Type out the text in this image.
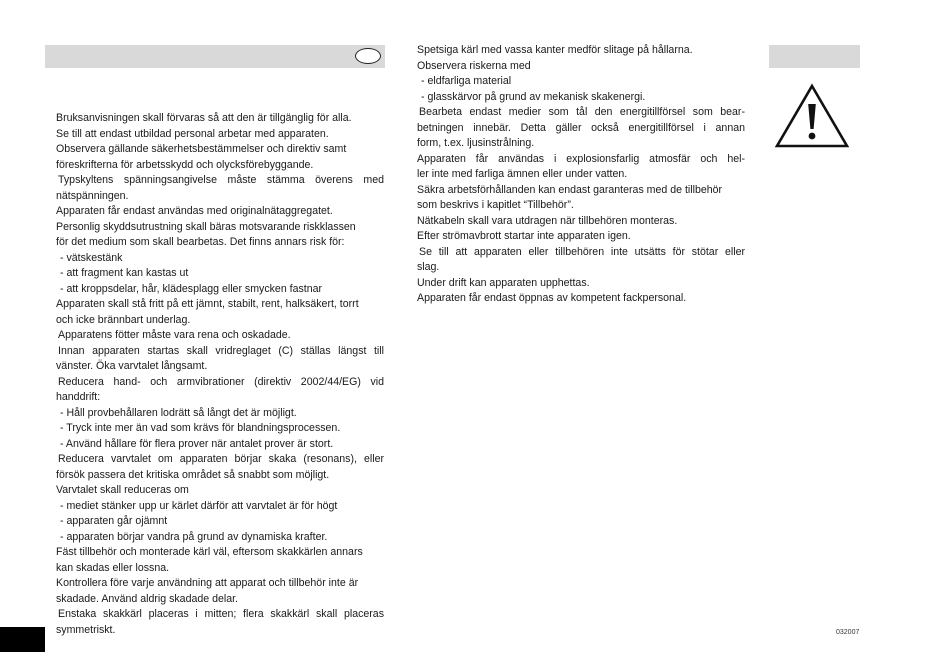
Bruksanvisningen skall förvaras så att den är tillgänglig för alla.
Se till att endast utbildad personal arbetar med apparaten.
Observera gällande säkerhetsbestämmelser och direktiv samt
föreskrifterna för arbetsskydd och olycksförebyggande.
Typskyltens spänningsangivelse måste stämma överens med
nätspänningen.
Apparaten får endast användas med originalnätaggregatet.
Personlig skyddsutrustning skall bäras motsvarande riskklassen
för det medium som skall bearbetas. Det finns annars risk för:
- vätskestänk
- att fragment kan kastas ut
- att kroppsdelar, hår, klädesplagg eller smycken fastnar
Apparaten skall stå fritt på ett jämnt, stabilt, rent, halksäkert, torrt
och icke brännbart underlag.
Apparatens fötter måste vara rena och oskadade.
Innan apparaten startas skall vridreglaget (C) ställas längst till
vänster. Öka varvtalet långsamt.
Reducera hand- och armvibrationer (direktiv 2002/44/EG) vid
handdrift:
- Håll provbehållaren lodrätt så långt det är möjligt.
- Tryck inte mer än vad som krävs för blandningsprocessen.
- Använd hållare för flera prover när antalet prover är stort.
Reducera varvtalet om apparaten börjar skaka (resonans), eller
försök passera det kritiska området så snabbt som möjligt.
Varvtalet skall reduceras om
- mediet stänker upp ur kärlet därför att varvtalet är för högt
- apparaten går ojämnt
- apparaten börjar vandra på grund av dynamiska krafter.
Fäst tillbehör och monterade kärl väl, eftersom skakkärlen annars
kan skadas eller lossna.
Kontrollera före varje användning att apparat och tillbehör inte är
skadade. Använd aldrig skadade delar.
Enstaka skakkärl placeras i mitten; flera skakkärl skall placeras
symmetriskt.
Spetsiga kärl med vassa kanter medför slitage på hållarna.
Observera riskerna med
- eldfarliga material
- glasskärvor på grund av mekanisk skakenergi.
Bearbeta endast medier som tål den energitillförsel som bear-
betningen innebär. Detta gäller också energitillförsel i annan
form, t.ex. ljusinstrålning.
Apparaten får användas i explosionsfarlig atmosfär och hel-
ler inte med farliga ämnen eller under vatten.
Säkra arbetsförhållanden kan endast garanteras med de tillbehör
som beskrivs i kapitlet “Tillbehör”.
Nätkabeln skall vara utdragen när tillbehören monteras.
Efter strömavbrott startar inte apparaten igen.
Se till att apparaten eller tillbehören inte utsätts för stötar eller
slag.
Under drift kan apparaten upphettas.
Apparaten får endast öppnas av kompetent fackpersonal.
032007
